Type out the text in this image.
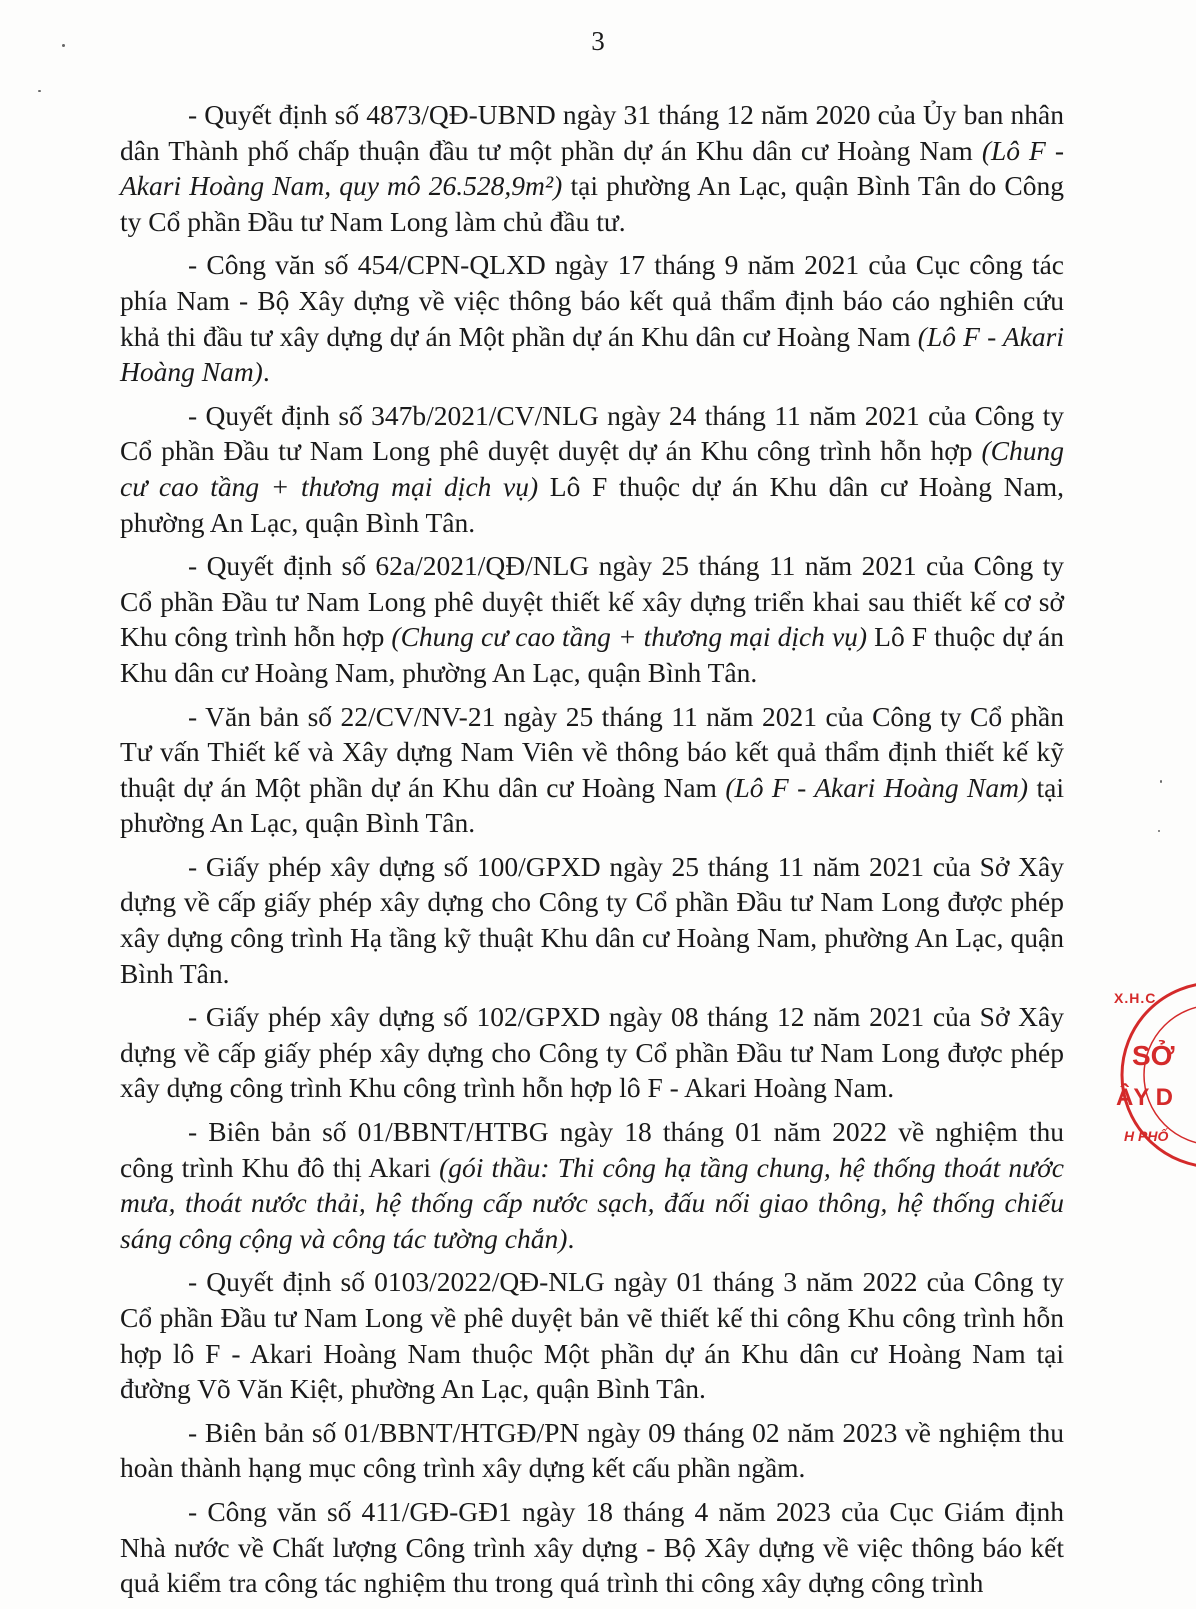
3

- Quyết định số 4873/QĐ-UBND ngày 31 tháng 12 năm 2020 của Ủy ban nhân dân Thành phố chấp thuận đầu tư một phần dự án Khu dân cư Hoàng Nam (Lô F - Akari Hoàng Nam, quy mô 26.528,9m²) tại phường An Lạc, quận Bình Tân do Công ty Cổ phần Đầu tư Nam Long làm chủ đầu tư.

- Công văn số 454/CPN-QLXD ngày 17 tháng 9 năm 2021 của Cục công tác phía Nam - Bộ Xây dựng về việc thông báo kết quả thẩm định báo cáo nghiên cứu khả thi đầu tư xây dựng dự án Một phần dự án Khu dân cư Hoàng Nam (Lô F - Akari Hoàng Nam).

- Quyết định số 347b/2021/CV/NLG ngày 24 tháng 11 năm 2021 của Công ty Cổ phần Đầu tư Nam Long phê duyệt duyệt dự án Khu công trình hỗn hợp (Chung cư cao tầng + thương mại dịch vụ) Lô F thuộc dự án Khu dân cư Hoàng Nam, phường An Lạc, quận Bình Tân.

- Quyết định số 62a/2021/QĐ/NLG ngày 25 tháng 11 năm 2021 của Công ty Cổ phần Đầu tư Nam Long phê duyệt thiết kế xây dựng triển khai sau thiết kế cơ sở Khu công trình hỗn hợp (Chung cư cao tầng + thương mại dịch vụ) Lô F thuộc dự án Khu dân cư Hoàng Nam, phường An Lạc, quận Bình Tân.

- Văn bản số 22/CV/NV-21 ngày 25 tháng 11 năm 2021 của Công ty Cổ phần Tư vấn Thiết kế và Xây dựng Nam Viên về thông báo kết quả thẩm định thiết kế kỹ thuật dự án Một phần dự án Khu dân cư Hoàng Nam (Lô F - Akari Hoàng Nam) tại phường An Lạc, quận Bình Tân.

- Giấy phép xây dựng số 100/GPXD ngày 25 tháng 11 năm 2021 của Sở Xây dựng về cấp giấy phép xây dựng cho Công ty Cổ phần Đầu tư Nam Long được phép xây dựng công trình Hạ tầng kỹ thuật Khu dân cư Hoàng Nam, phường An Lạc, quận Bình Tân.

- Giấy phép xây dựng số 102/GPXD ngày 08 tháng 12 năm 2021 của Sở Xây dựng về cấp giấy phép xây dựng cho Công ty Cổ phần Đầu tư Nam Long được phép xây dựng công trình Khu công trình hỗn hợp lô F - Akari Hoàng Nam.

- Biên bản số 01/BBNT/HTBG ngày 18 tháng 01 năm 2022 về nghiệm thu công trình Khu đô thị Akari (gói thầu: Thi công hạ tầng chung, hệ thống thoát nước mưa, thoát nước thải, hệ thống cấp nước sạch, đấu nối giao thông, hệ thống chiếu sáng công cộng và công tác tường chắn).

- Quyết định số 0103/2022/QĐ-NLG ngày 01 tháng 3 năm 2022 của Công ty Cổ phần Đầu tư Nam Long về phê duyệt bản vẽ thiết kế thi công Khu công trình hỗn hợp lô F - Akari Hoàng Nam thuộc Một phần dự án Khu dân cư Hoàng Nam tại đường Võ Văn Kiệt, phường An Lạc, quận Bình Tân.

- Biên bản số 01/BBNT/HTGĐ/PN ngày 09 tháng 02 năm 2023 về nghiệm thu hoàn thành hạng mục công trình xây dựng kết cấu phần ngầm.

- Công văn số 411/GĐ-GĐ1 ngày 18 tháng 4 năm 2023 của Cục Giám định Nhà nước về Chất lượng Công trình xây dựng - Bộ Xây dựng về việc thông báo kết quả kiểm tra công tác nghiệm thu trong quá trình thi công xây dựng công trình

X.H.C.
SỞ
ÂY D
H PHỐ
